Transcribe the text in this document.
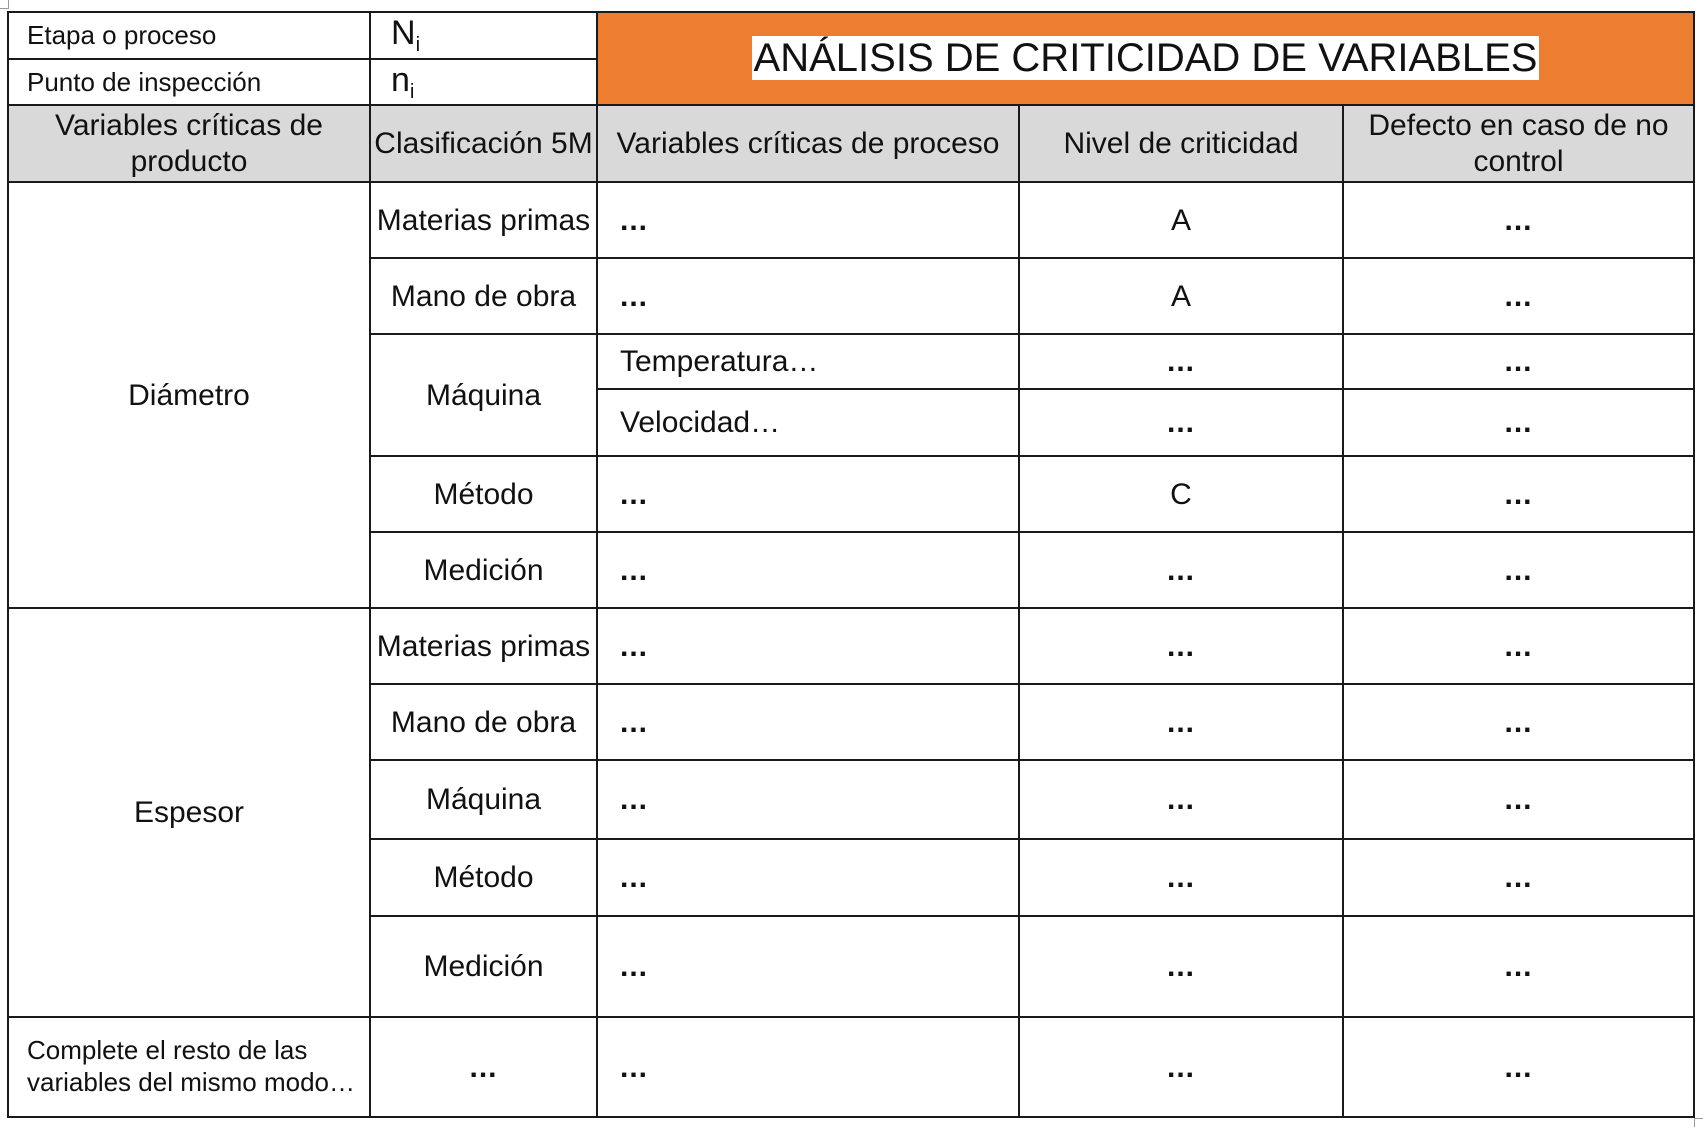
Etapa o proceso	$N_i$	ANÁLISIS DE CRITICIDAD DE VARIABLES		
Punto de inspección	$n_i$
Variables críticas de producto	Clasificación 5M	Variables críticas de proceso	Nivel de criticidad	Defecto en caso de no control
Diámetro	Materias primas	...	A	...
	Mano de obra	...	A	...
	Máquina	Temperatura…	...	...
		Velocidad…	...	...
	Método	...	C	...
	Medición	...	...	...

Espesor	Materias primas	...	...	...
	Mano de obra	...	...	...
	Máquina	...	...	...
	Método	...	...	...
	Medición	...	...	...
Complete el resto de las variables del mismo modo…	...	...	...	...
